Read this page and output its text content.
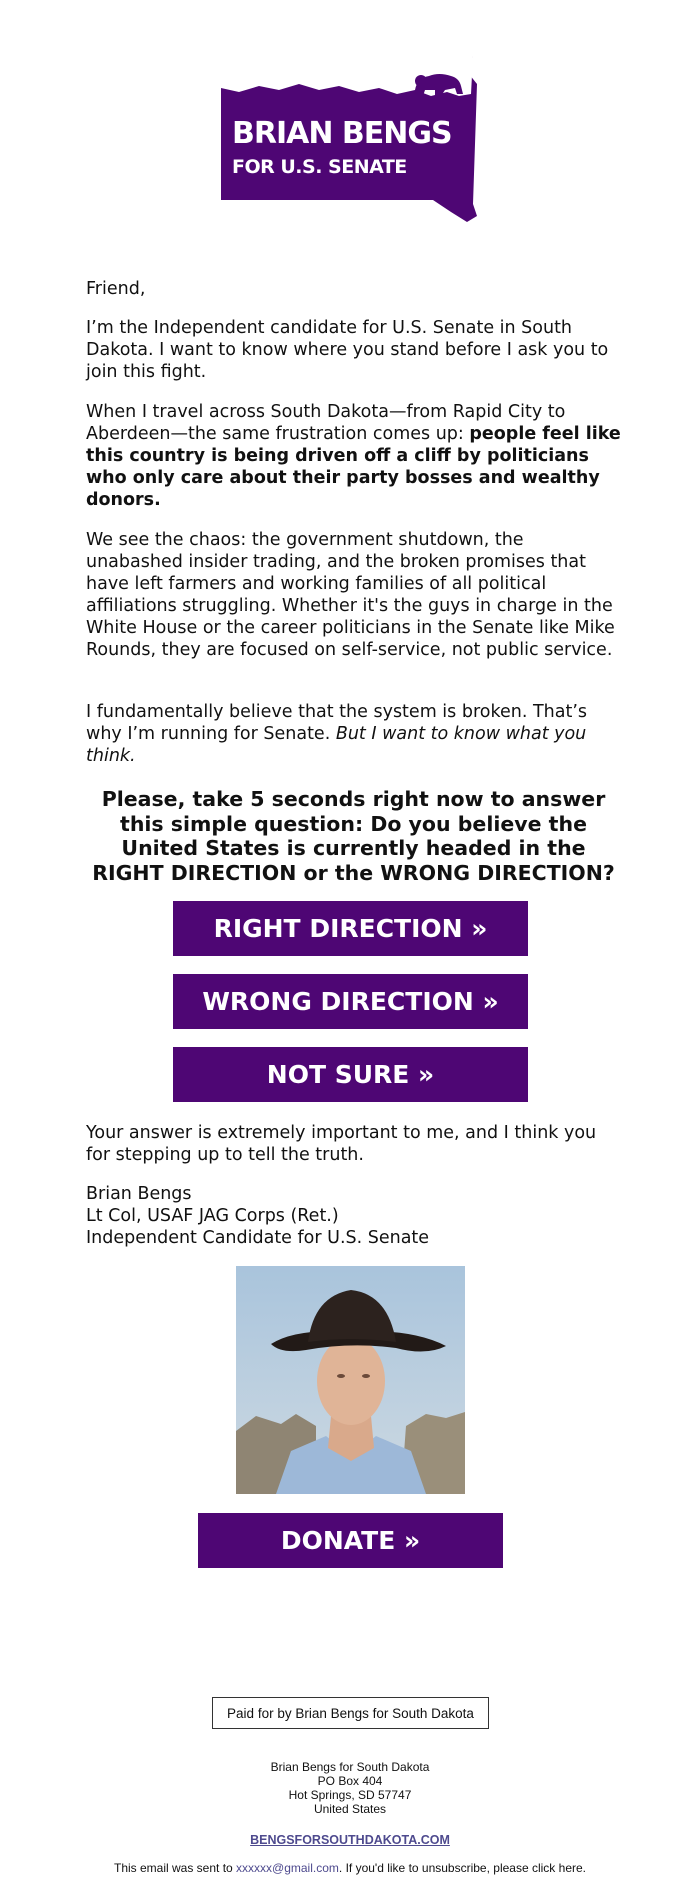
BRIAN BENGS
FOR U.S. SENATE

Friend,

I’m the Independent candidate for U.S. Senate in South Dakota. I want to know where you stand before I ask you to join this fight.

When I travel across South Dakota—from Rapid City to Aberdeen—the same frustration comes up: people feel like this country is being driven off a cliff by politicians who only care about their party bosses and wealthy donors.

We see the chaos: the government shutdown, the unabashed insider trading, and the broken promises that have left farmers and working families of all political affiliations struggling. Whether it's the guys in charge in the White House or the career politicians in the Senate like Mike Rounds, they are focused on self-service, not public service.

I fundamentally believe that the system is broken. That’s why I’m running for Senate. But I want to know what you think.

Please, take 5 seconds right now to answer this simple question: Do you believe the United States is currently headed in the RIGHT DIRECTION or the WRONG DIRECTION?
RIGHT DIRECTION »
WRONG DIRECTION »
NOT SURE »

Your answer is extremely important to me, and I think you for stepping up to tell the truth.

Brian Bengs

Lt Col, USAF JAG Corps (Ret.)

Independent Candidate for U.S. Senate

DONATE »
Paid for by Brian Bengs for South Dakota
Brian Bengs for South Dakota
PO Box 404
Hot Springs, SD 57747
United States
BENGSFORSOUTHDAKOTA.COM
This email was sent to xxxxxx@gmail.com. If you'd like to unsubscribe, please click here.
